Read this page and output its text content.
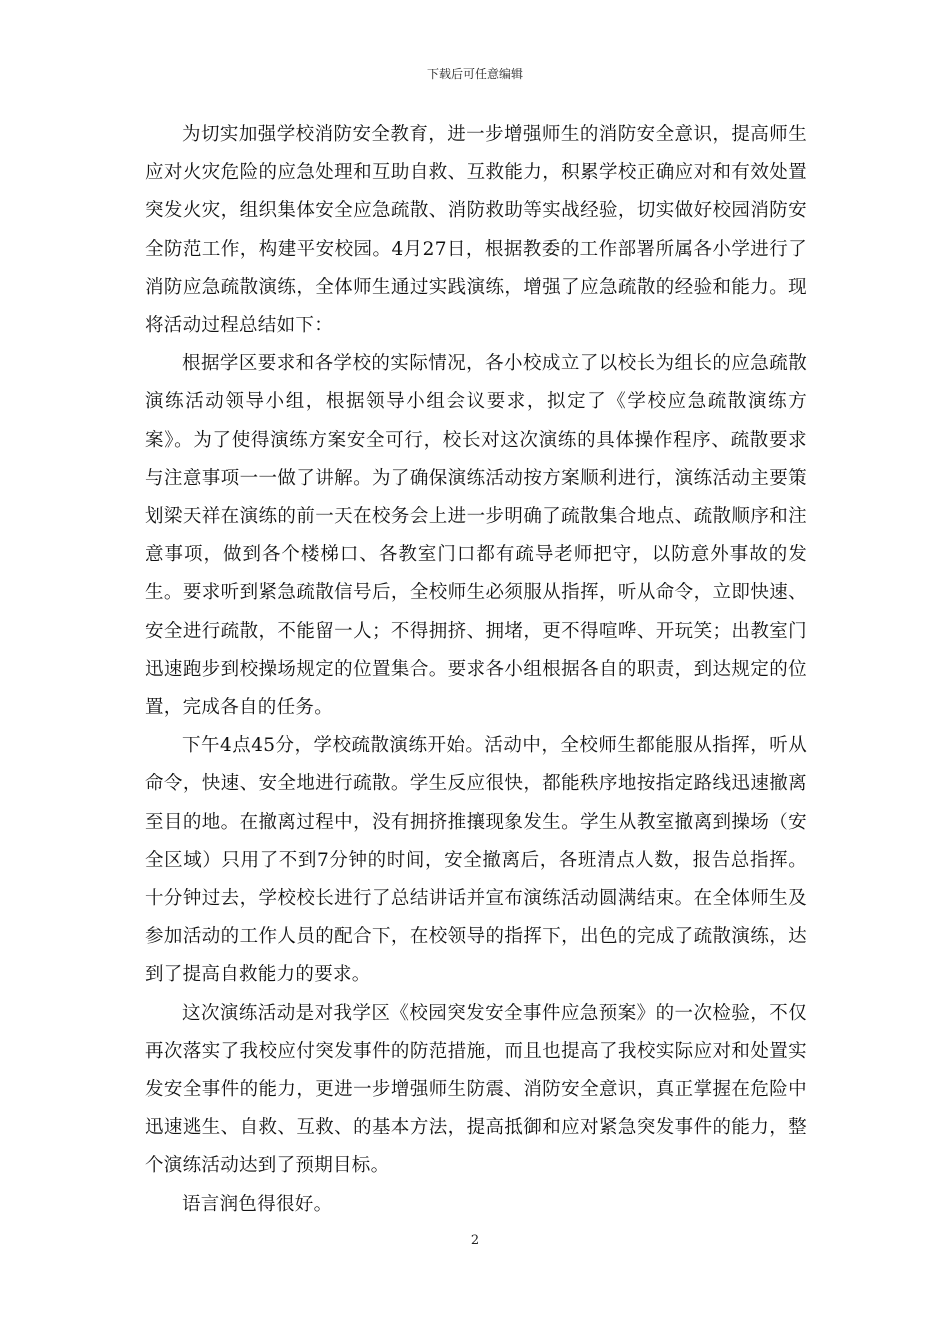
下载后可任意编辑

为切实加强学校消防安全教育，进一步增强师生的消防安全意识，提高师生应对火灾危险的应急处理和互助自救、互救能力，积累学校正确应对和有效处置突发火灾，组织集体安全应急疏散、消防救助等实战经验，切实做好校园消防安全防范工作，构建平安校园。4月27日，根据教委的工作部署所属各小学进行了消防应急疏散演练，全体师生通过实践演练，增强了应急疏散的经验和能力。现将活动过程总结如下：

根据学区要求和各学校的实际情况，各小校成立了以校长为组长的应急疏散演练活动领导小组，根据领导小组会议要求，拟定了《学校应急疏散演练方案》。为了使得演练方案安全可行，校长对这次演练的具体操作程序、疏散要求与注意事项一一做了讲解。为了确保演练活动按方案顺利进行，演练活动主要策划梁天祥在演练的前一天在校务会上进一步明确了疏散集合地点、疏散顺序和注意事项，做到各个楼梯口、各教室门口都有疏导老师把守，以防意外事故的发生。要求听到紧急疏散信号后，全校师生必须服从指挥，听从命令，立即快速、安全进行疏散，不能留一人；不得拥挤、拥堵，更不得喧哗、开玩笑；出教室门迅速跑步到校操场规定的位置集合。要求各小组根据各自的职责，到达规定的位置，完成各自的任务。

下午4点45分，学校疏散演练开始。活动中，全校师生都能服从指挥，听从命令，快速、安全地进行疏散。学生反应很快，都能秩序地按指定路线迅速撤离至目的地。在撤离过程中，没有拥挤推攘现象发生。学生从教室撤离到操场（安全区域）只用了不到7分钟的时间，安全撤离后，各班清点人数，报告总指挥。十分钟过去，学校校长进行了总结讲话并宣布演练活动圆满结束。在全体师生及参加活动的工作人员的配合下，在校领导的指挥下，出色的完成了疏散演练，达到了提高自救能力的要求。

这次演练活动是对我学区《校园突发安全事件应急预案》的一次检验，不仅再次落实了我校应付突发事件的防范措施，而且也提高了我校实际应对和处置实发安全事件的能力，更进一步增强师生防震、消防安全意识，真正掌握在危险中迅速逃生、自救、互救、的基本方法，提高抵御和应对紧急突发事件的能力，整个演练活动达到了预期目标。

语言润色得很好。

2
